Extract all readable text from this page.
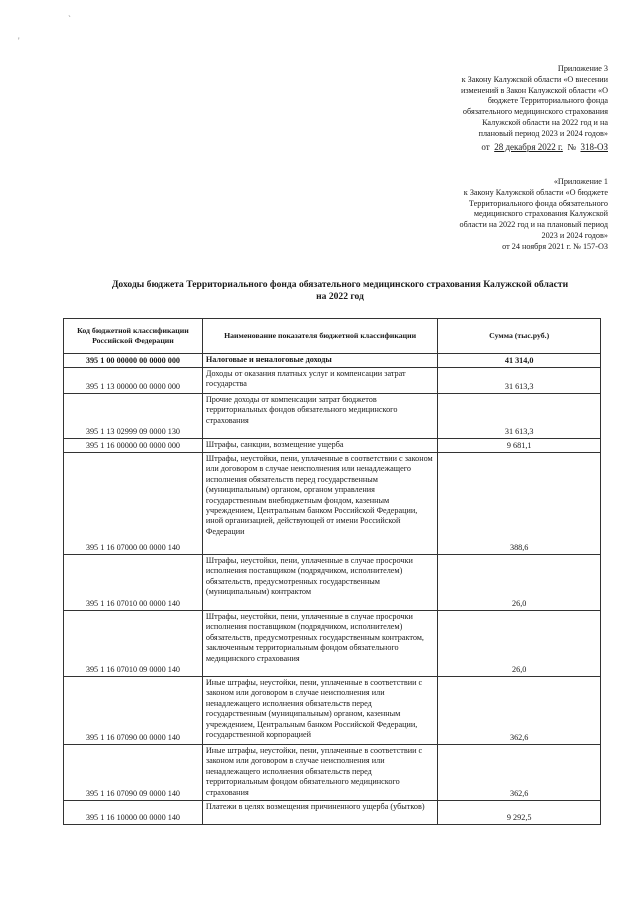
`
'
Приложение 3
к Закону Калужской области «О внесении
изменений в Закон Калужской области «О
бюджете Территориального фонда
обязательного медицинского страхования
Калужской области на 2022 год и на
плановый период 2023 и 2024 годов»
от 28 декабря 2022 г. № 318-ОЗ
«Приложение 1
к Закону Калужской области «О бюджете
Территориального фонда обязательного
медицинского страхования Калужской
области на 2022 год и на плановый период
2023 и 2024 годов»
от 24 ноября 2021 г. № 157-ОЗ
Доходы бюджета Территориального фонда обязательного медицинского страхования Калужской области
на 2022 год
Код бюджетной классификации Российской Федерации	Наименование показателя бюджетной классификации	Сумма (тыс.руб.)
395 1 00 00000 00 0000 000	Налоговые и неналоговые доходы	41 314,0
395 1 13 00000 00 0000 000	Доходы от оказания платных услуг и компенсации затрат государства	31 613,3
395 1 13 02999 09 0000 130	Прочие доходы от компенсации затрат бюджетов территориальных фондов обязательного медицинского страхования	31 613,3
395 1 16 00000 00 0000 000	Штрафы, санкции, возмещение ущерба	9 681,1
395 1 16 07000 00 0000 140	Штрафы, неустойки, пени, уплаченные в соответствии с законом или договором в случае неисполнения или ненадлежащего исполнения обязательств перед государственным (муниципальным) органом, органом управления государственным внебюджетным фондом, казенным учреждением, Центральным банком Российской Федерации, иной организацией, действующей от имени Российской Федерации	388,6
395 1 16 07010 00 0000 140	Штрафы, неустойки, пени, уплаченные в случае просрочки исполнения поставщиком (подрядчиком, исполнителем) обязательств, предусмотренных государственным (муниципальным) контрактом	26,0
395 1 16 07010 09 0000 140	Штрафы, неустойки, пени, уплаченные в случае просрочки исполнения поставщиком (подрядчиком, исполнителем) обязательств, предусмотренных государственным контрактом, заключенным территориальным фондом обязательного медицинского страхования	26,0
395 1 16 07090 00 0000 140	Иные штрафы, неустойки, пени, уплаченные в соответствии с законом или договором в случае неисполнения или ненадлежащего исполнения обязательств перед государственным (муниципальным) органом, казенным учреждением, Центральным банком Российской Федерации, государственной корпорацией	362,6
395 1 16 07090 09 0000 140	Иные штрафы, неустойки, пени, уплаченные в соответствии с законом или договором в случае неисполнения или ненадлежащего исполнения обязательств перед территориальным фондом обязательного медицинского страхования	362,6
395 1 16 10000 00 0000 140	Платежи в целях возмещения причиненного ущерба (убытков)	9 292,5
